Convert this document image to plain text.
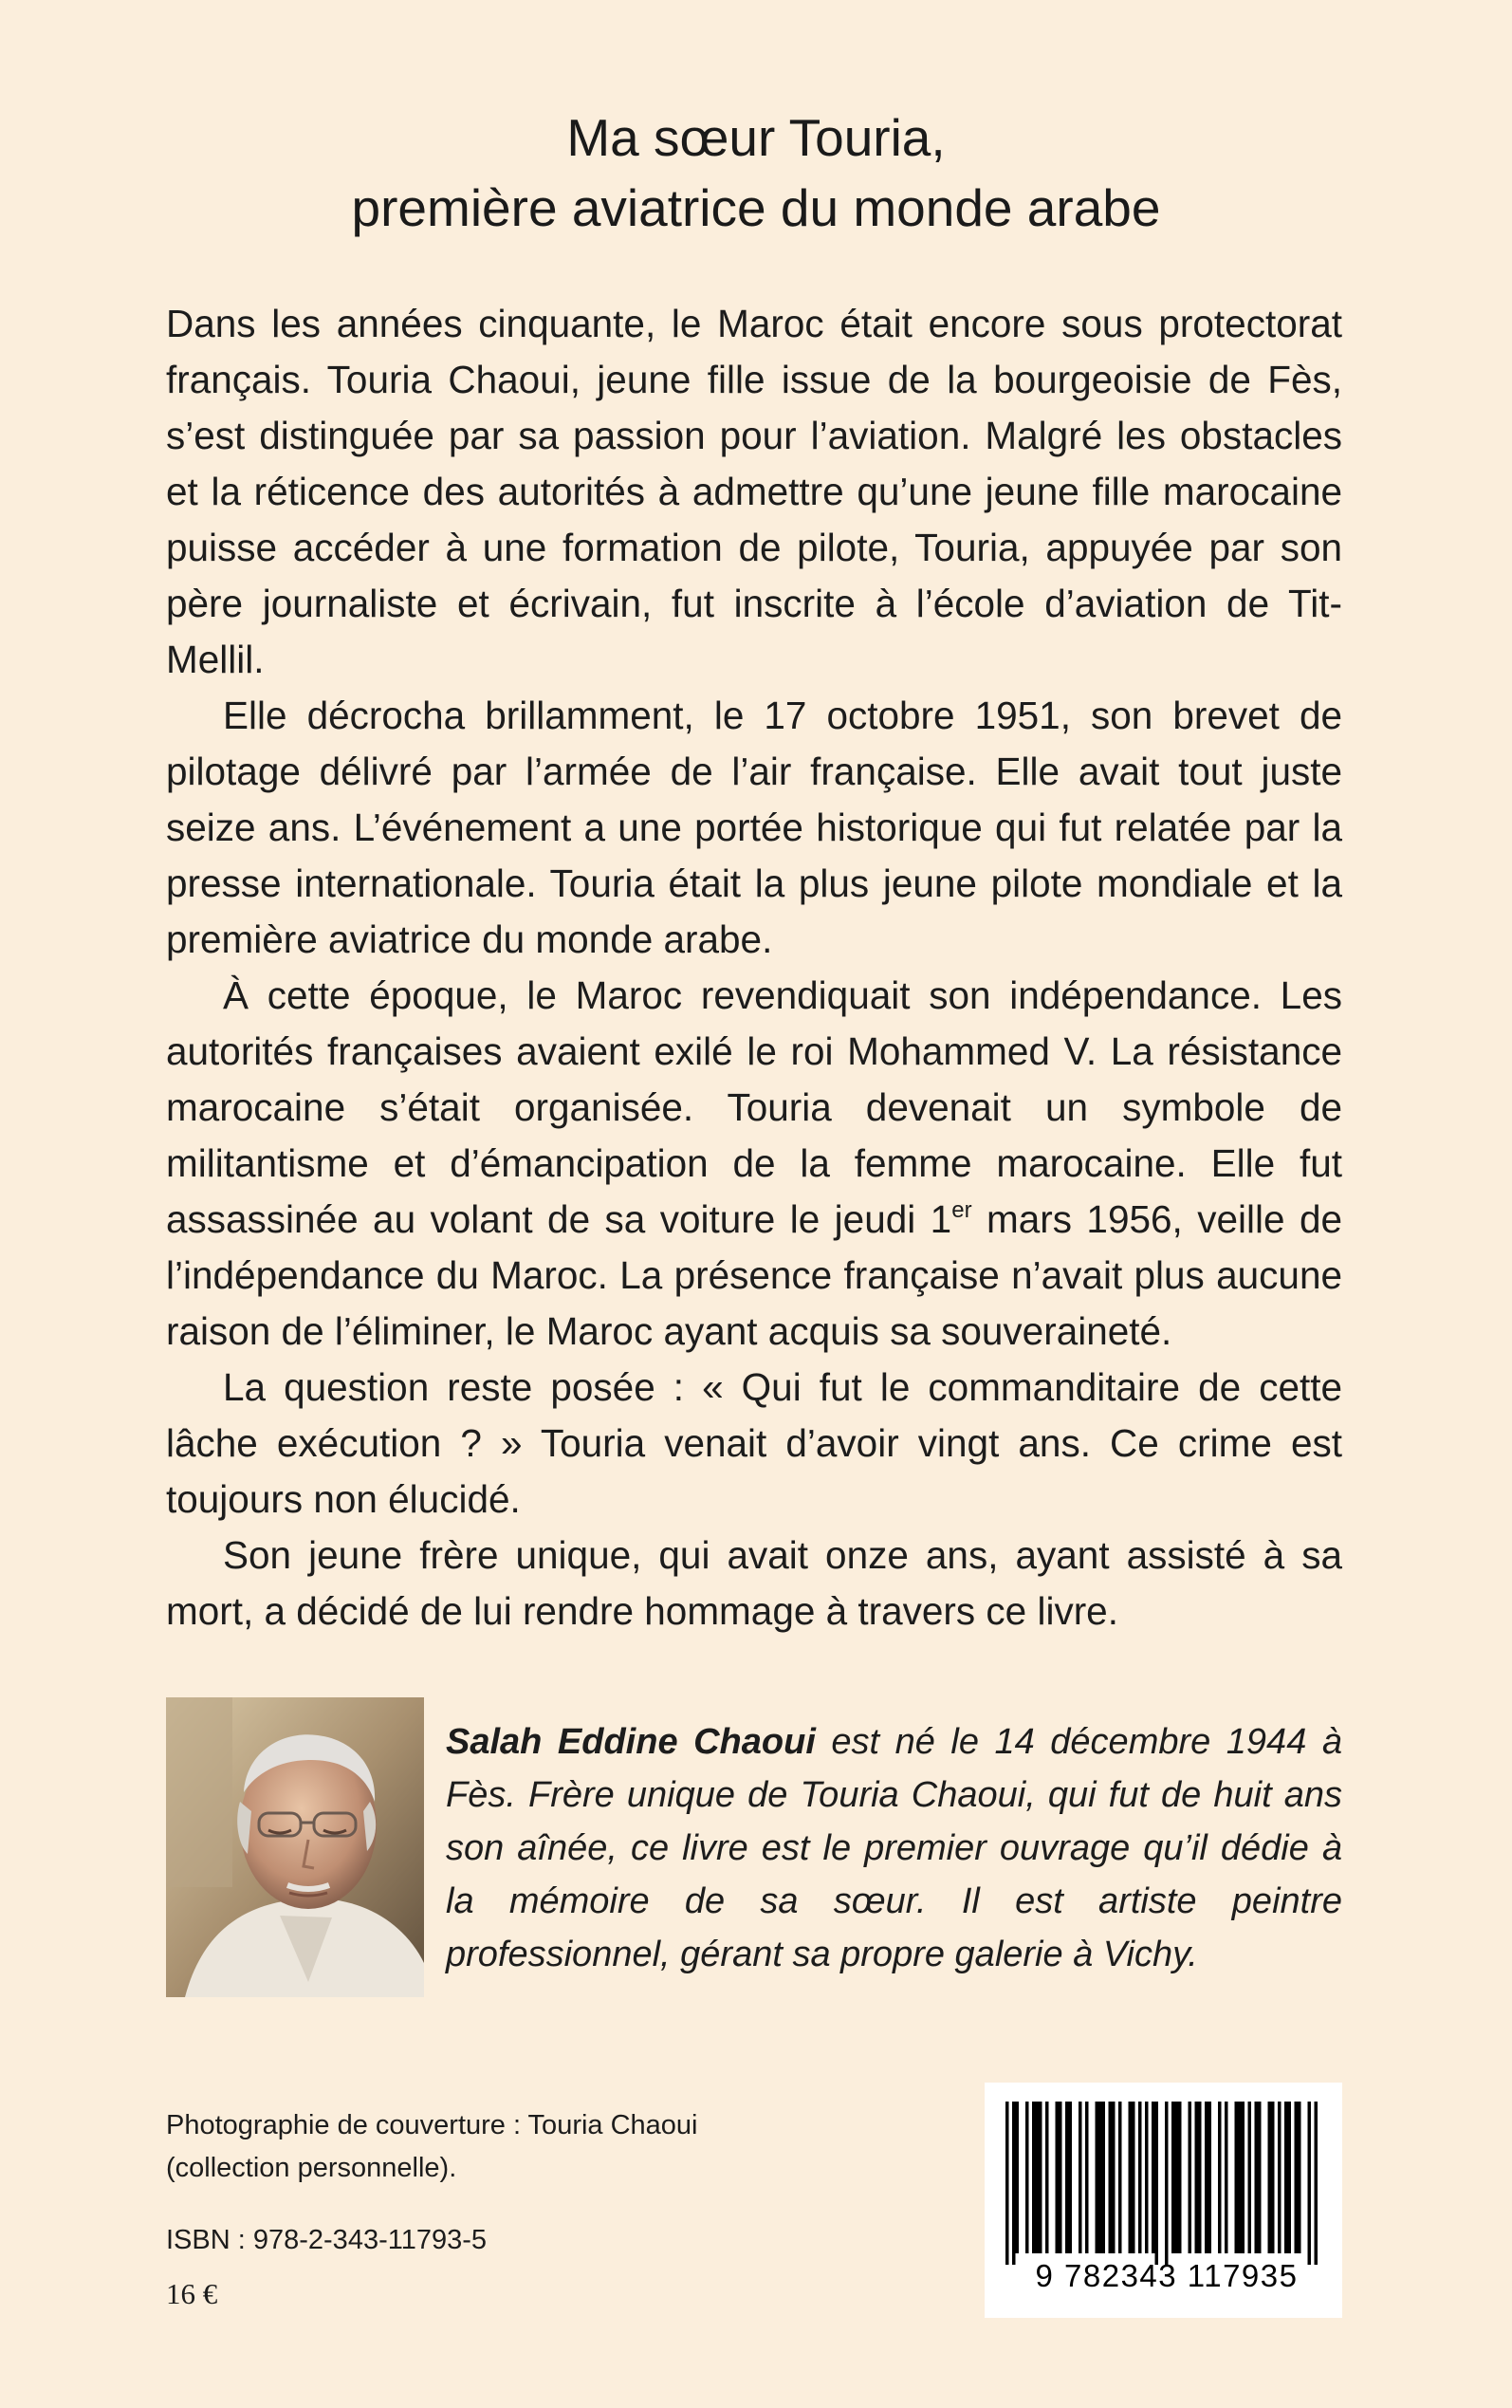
Ma sœur Touria,
première aviatrice du monde arabe

Dans les années cinquante, le Maroc était encore sous protectorat français. Touria Chaoui, jeune fille issue de la bourgeoisie de Fès, s’est distinguée par sa passion pour l’aviation. Malgré les obstacles et la réticence des autorités à admettre qu’une jeune fille marocaine puisse accéder à une formation de pilote, Touria, appuyée par son père journaliste et écrivain, fut inscrite à l’école d’aviation de Tit-Mellil.

Elle décrocha brillamment, le 17 octobre 1951, son brevet de pilotage délivré par l’armée de l’air française. Elle avait tout juste seize ans. L’événement a une portée historique qui fut relatée par la presse internationale. Touria était la plus jeune pilote mondiale et la première aviatrice du monde arabe.

À cette époque, le Maroc revendiquait son indépendance. Les autorités françaises avaient exilé le roi Mohammed V. La résistance marocaine s’était organisée. Touria devenait un symbole de militantisme et d’émancipation de la femme marocaine. Elle fut assassinée au volant de sa voiture le jeudi 1er mars 1956, veille de l’indépendance du Maroc. La présence française n’avait plus aucune raison de l’éliminer, le Maroc ayant acquis sa souveraineté.

La question reste posée : « Qui fut le commanditaire de cette lâche exécution ? » Touria venait d’avoir vingt ans. Ce crime est toujours non élucidé.

Son jeune frère unique, qui avait onze ans, ayant assisté à sa mort, a décidé de lui rendre hommage à travers ce livre.

Salah Eddine Chaoui est né le 14 décembre 1944 à Fès. Frère unique de Touria Chaoui, qui fut de huit ans son aînée, ce livre est le premier ouvrage qu’il dédie à la mémoire de sa sœur. Il est artiste peintre professionnel, gérant sa propre galerie à Vichy.
Photographie de couverture : Touria Chaoui
(collection personnelle).
ISBN : 978-2-343-11793-5
16 €
9 782343 117935
